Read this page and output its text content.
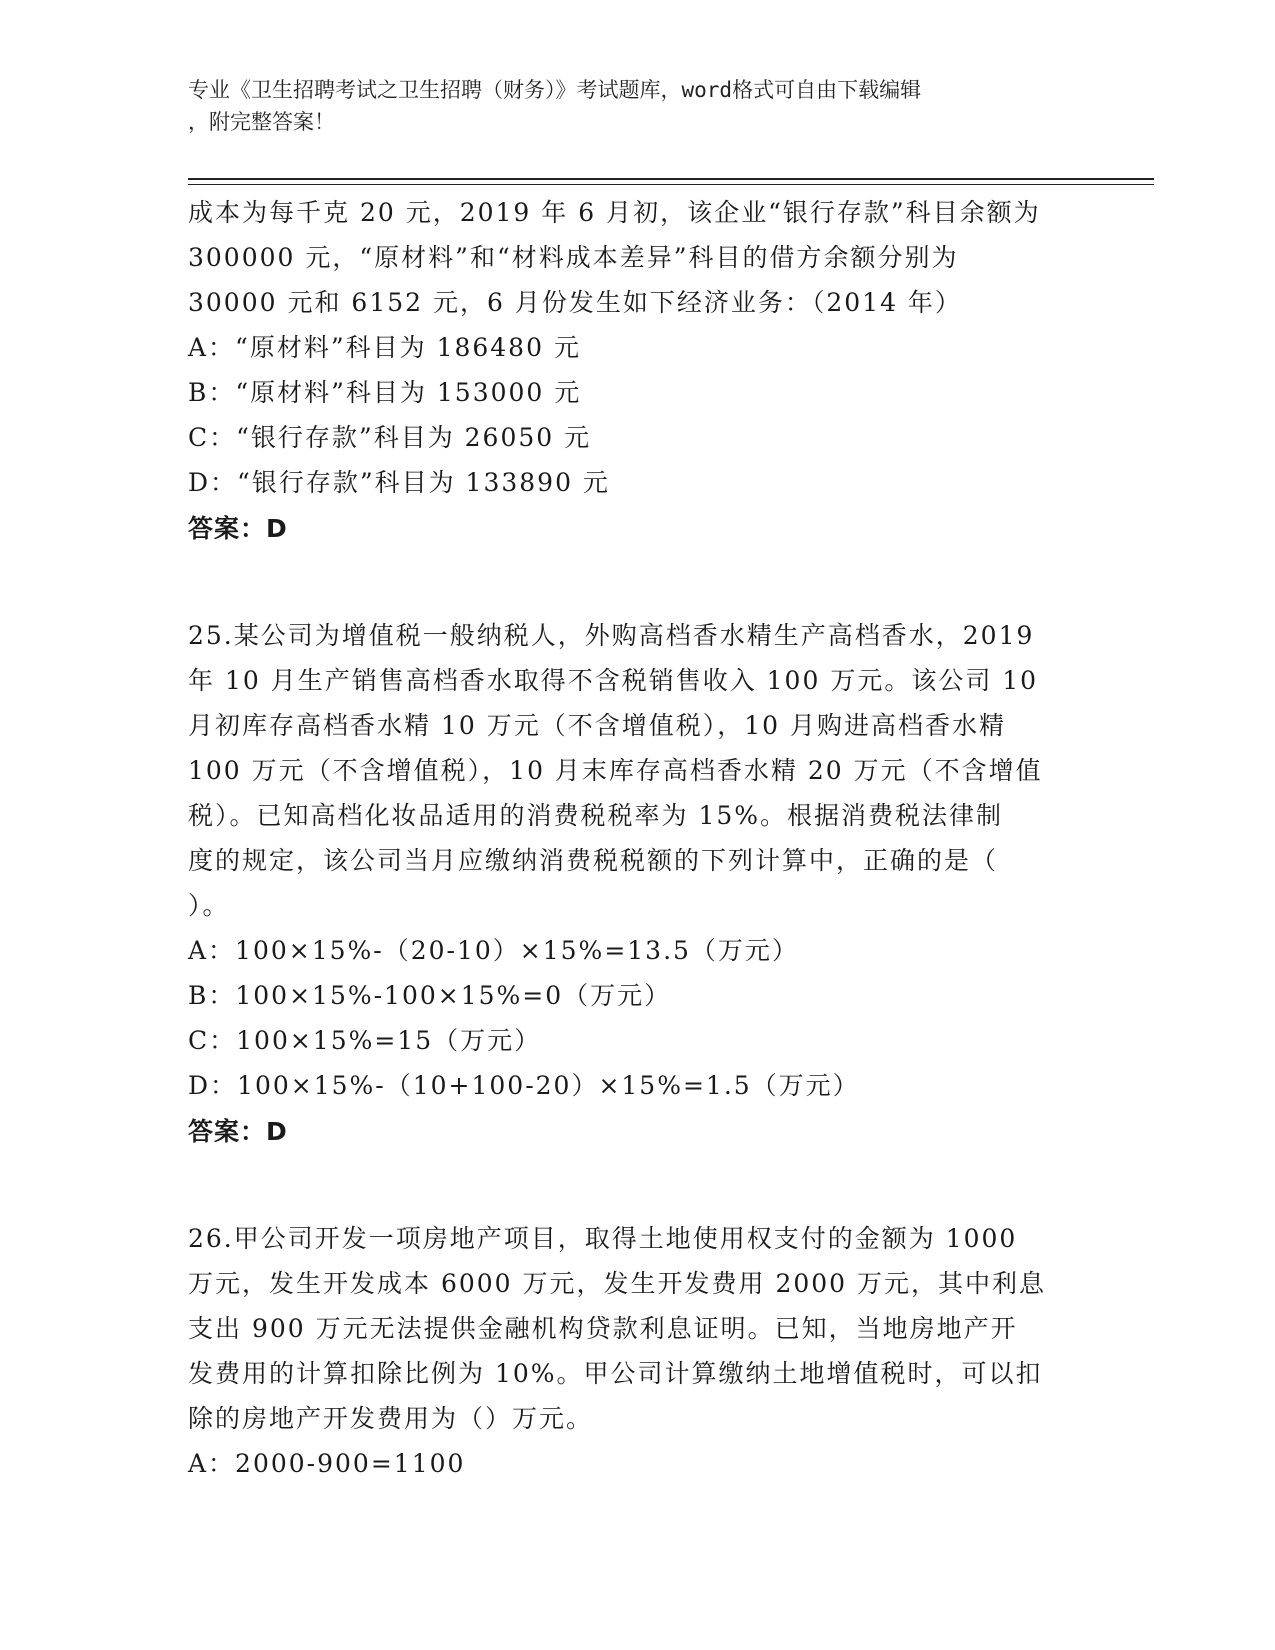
专业《卫生招聘考试之卫生招聘（财务）》考试题库，word格式可自由下载编辑
，附完整答案！
成本为每千克 20 元，2019 年 6 月初，该企业“银行存款”科目余额为
300000 元，“原材料”和“材料成本差异”科目的借方余额分别为
30000 元和 6152 元，6 月份发生如下经济业务：（2014 年）
A：“原材料”科目为 186480 元
B：“原材料”科目为 153000 元
C：“银行存款”科目为 26050 元
D：“银行存款”科目为 133890 元
答案：D
25.某公司为增值税一般纳税人，外购高档香水精生产高档香水，2019
年 10 月生产销售高档香水取得不含税销售收入 100 万元。该公司 10
月初库存高档香水精 10 万元（不含增值税），10 月购进高档香水精
100 万元（不含增值税），10 月末库存高档香水精 20 万元（不含增值
税）。已知高档化妆品适用的消费税税率为 15%。根据消费税法律制
度的规定，该公司当月应缴纳消费税税额的下列计算中，正确的是（
）。
A：100×15%-（20-10）×15%=13.5（万元）
B：100×15%-100×15%=0（万元）
C：100×15%=15（万元）
D：100×15%-（10+100-20）×15%=1.5（万元）
答案：D
26.甲公司开发一项房地产项目，取得土地使用权支付的金额为 1000
万元，发生开发成本 6000 万元，发生开发费用 2000 万元，其中利息
支出 900 万元无法提供金融机构贷款利息证明。已知，当地房地产开
发费用的计算扣除比例为 10%。甲公司计算缴纳土地增值税时，可以扣
除的房地产开发费用为（）万元。
A：2000-900=1100
